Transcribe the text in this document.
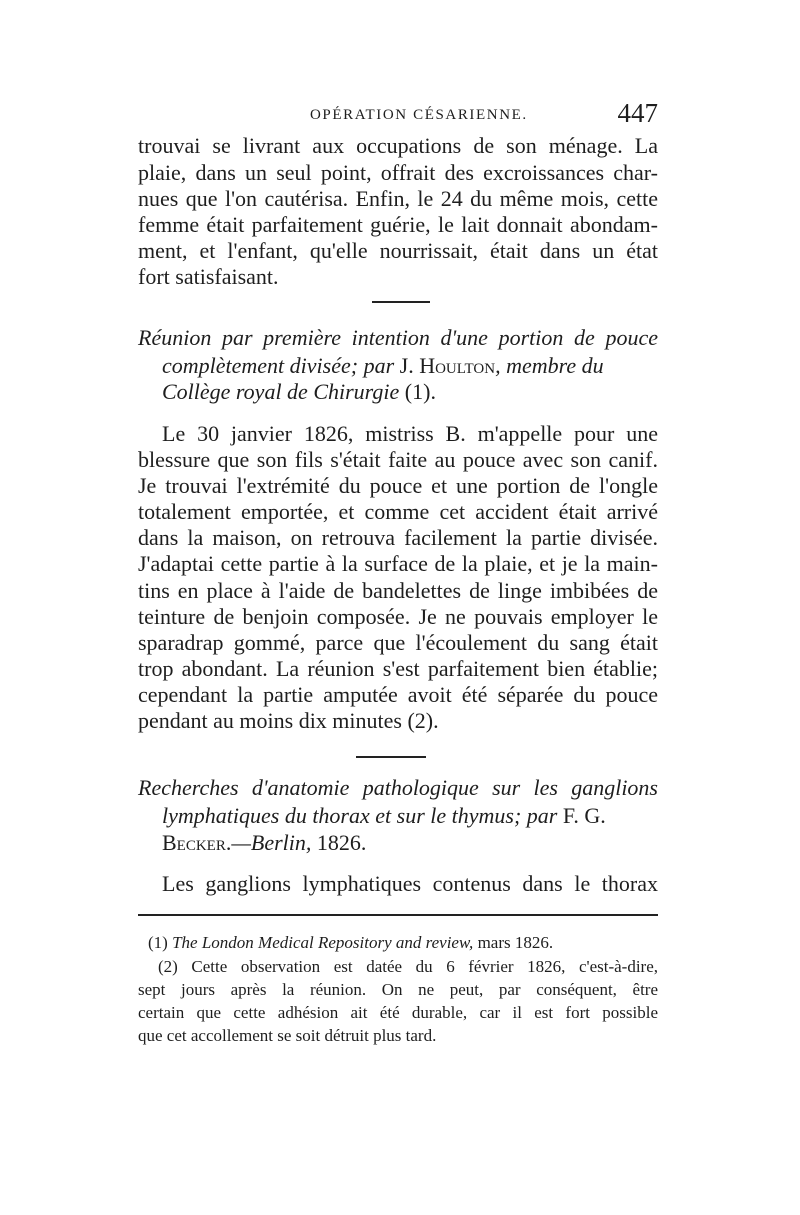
OPÉRATION CÉSARIENNE.	447
trouvai se livrant aux occupations de son ménage. La
plaie, dans un seul point, offrait des excroissances char-
nues que l'on cautérisa. Enfin, le 24 du même mois, cette
femme était parfaitement guérie, le lait donnait abondam-
ment, et l'enfant, qu'elle nourrissait, était dans un état
fort satisfaisant.
Réunion par première intention d'une portion de pouce
complètement divisée; par J. Houlton, membre du
Collège royal de Chirurgie (1).
Le 30 janvier 1826, mistriss B. m'appelle pour une
blessure que son fils s'était faite au pouce avec son canif.
Je trouvai l'extrémité du pouce et une portion de l'ongle
totalement emportée, et comme cet accident était arrivé
dans la maison, on retrouva facilement la partie divisée.
J'adaptai cette partie à la surface de la plaie, et je la main-
tins en place à l'aide de bandelettes de linge imbibées de
teinture de benjoin composée. Je ne pouvais employer le
sparadrap gommé, parce que l'écoulement du sang était
trop abondant. La réunion s'est parfaitement bien établie;
cependant la partie amputée avoit été séparée du pouce
pendant au moins dix minutes (2).
Recherches d'anatomie pathologique sur les ganglions
lymphatiques du thorax et sur le thymus; par F. G.
Becker.—Berlin, 1826.
Les ganglions lymphatiques contenus dans le thorax
(1) The London Medical Repository and review, mars 1826.
(2) Cette observation est datée du 6 février 1826, c'est-à-dire,
sept jours après la réunion. On ne peut, par conséquent, être
certain que cette adhésion ait été durable, car il est fort possible
que cet accollement se soit détruit plus tard.
